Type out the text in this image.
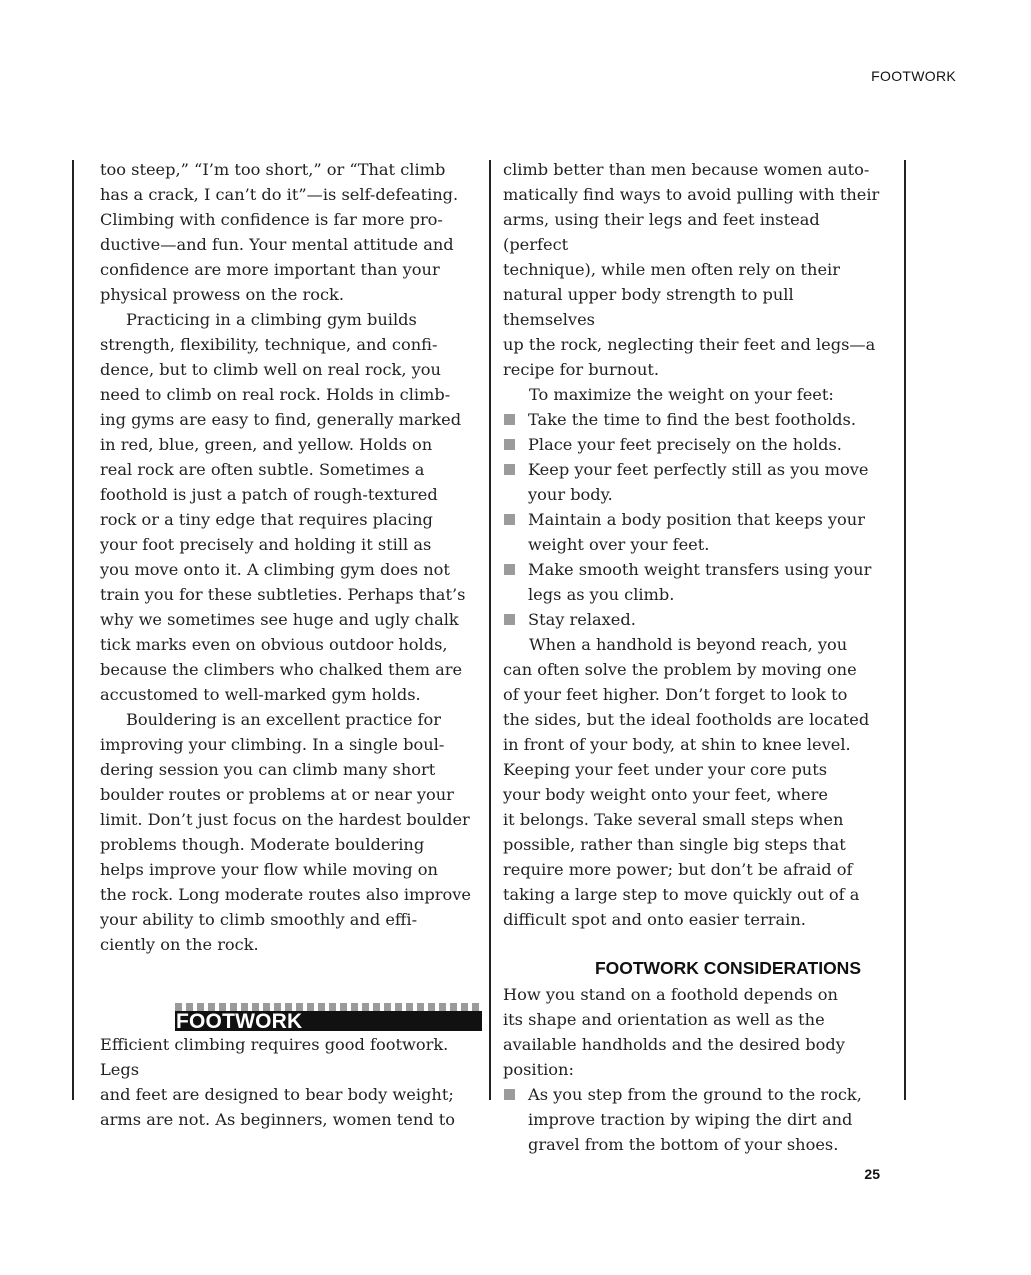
FOOTWORK

too steep,” “I’m too short,” or “That climb
has a crack, I can’t do it”—is self-defeating.
Climbing with confidence is far more pro-
ductive—and fun. Your mental attitude and
confidence are more important than your
physical prowess on the rock.

Practicing in a climbing gym builds
strength, flexibility, technique, and confi-
dence, but to climb well on real rock, you
need to climb on real rock. Holds in climb-
ing gyms are easy to find, generally marked
in red, blue, green, and yellow. Holds on
real rock are often subtle. Sometimes a
foothold is just a patch of rough-textured
rock or a tiny edge that requires placing
your foot precisely and holding it still as
you move onto it. A climbing gym does not
train you for these subtleties. Perhaps that’s
why we sometimes see huge and ugly chalk
tick marks even on obvious outdoor holds,
because the climbers who chalked them are
accustomed to well-marked gym holds.

Bouldering is an excellent practice for
improving your climbing. In a single boul-
dering session you can climb many short
boulder routes or problems at or near your
limit. Don’t just focus on the hardest boulder
problems though. Moderate bouldering
helps improve your flow while moving on
the rock. Long moderate routes also improve
your ability to climb smoothly and effi-
ciently on the rock.

FOOTWORK

Efficient climbing requires good footwork. Legs
and feet are designed to bear body weight;
arms are not. As beginners, women tend to

climb better than men because women auto-
matically find ways to avoid pulling with their
arms, using their legs and feet instead (perfect
technique), while men often rely on their
natural upper body strength to pull themselves
up the rock, neglecting their feet and legs—a
recipe for burnout.

To maximize the weight on your feet:

Take the time to find the best footholds.
Place your feet precisely on the holds.
Keep your feet perfectly still as you move
your body.
Maintain a body position that keeps your
weight over your feet.
Make smooth weight transfers using your
legs as you climb.
Stay relaxed.

When a handhold is beyond reach, you
can often solve the problem by moving one
of your feet higher. Don’t forget to look to
the sides, but the ideal footholds are located
in front of your body, at shin to knee level.
Keeping your feet under your core puts
your body weight onto your feet, where
it belongs. Take several small steps when
possible, rather than single big steps that
require more power; but don’t be afraid of
taking a large step to move quickly out of a
difficult spot and onto easier terrain.

FOOTWORK CONSIDERATIONS

How you stand on a foothold depends on
its shape and orientation as well as the
available handholds and the desired body
position:

As you step from the ground to the rock,
improve traction by wiping the dirt and
gravel from the bottom of your shoes.
25
